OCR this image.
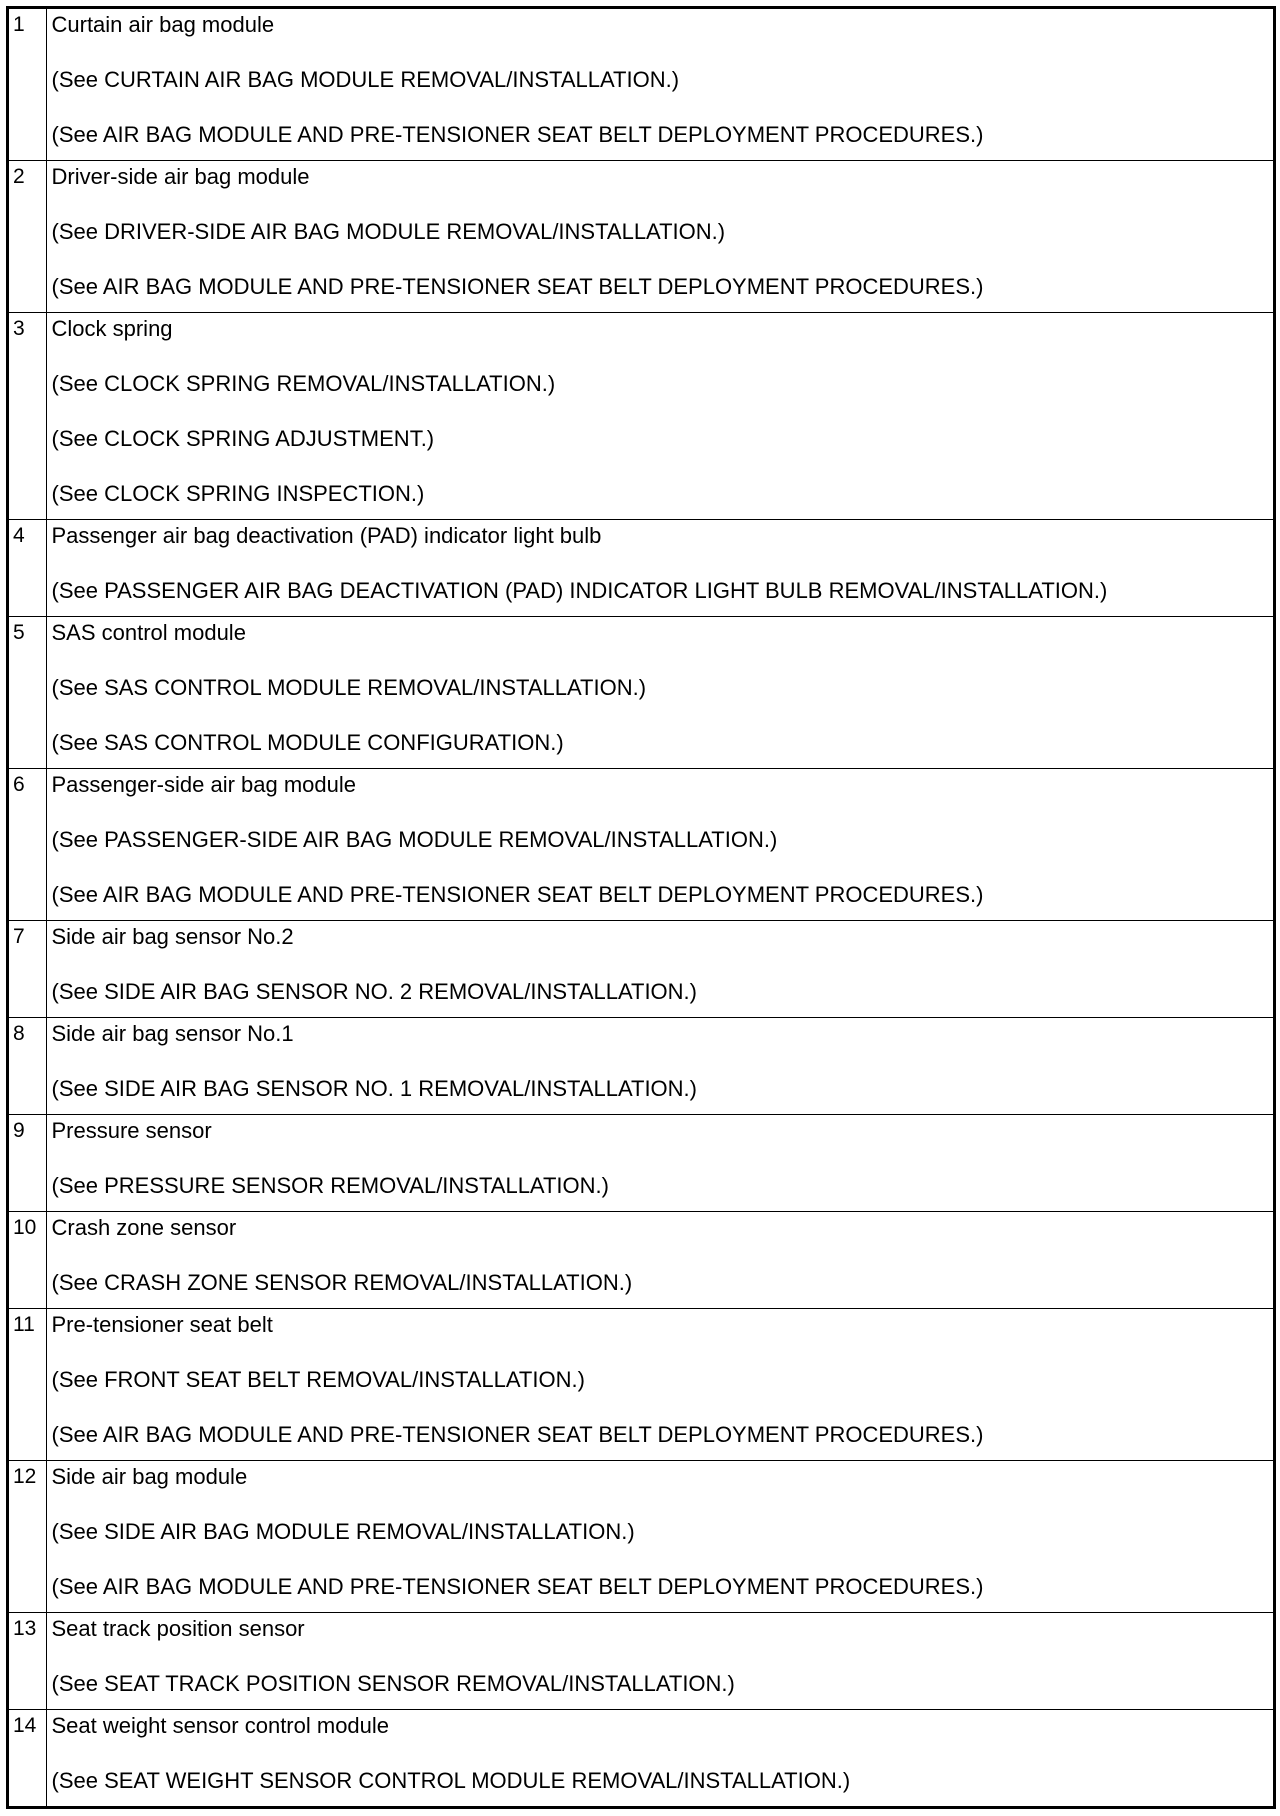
1	Curtain air bag module
(See CURTAIN AIR BAG MODULE REMOVAL/INSTALLATION.)
(See AIR BAG MODULE AND PRE-TENSIONER SEAT BELT DEPLOYMENT PROCEDURES.)

2	Driver-side air bag module
(See DRIVER-SIDE AIR BAG MODULE REMOVAL/INSTALLATION.)
(See AIR BAG MODULE AND PRE-TENSIONER SEAT BELT DEPLOYMENT PROCEDURES.)

3	Clock spring
(See CLOCK SPRING REMOVAL/INSTALLATION.)
(See CLOCK SPRING ADJUSTMENT.)
(See CLOCK SPRING INSPECTION.)

4	Passenger air bag deactivation (PAD) indicator light bulb
(See PASSENGER AIR BAG DEACTIVATION (PAD) INDICATOR LIGHT BULB REMOVAL/INSTALLATION.)

5	SAS control module
(See SAS CONTROL MODULE REMOVAL/INSTALLATION.)
(See SAS CONTROL MODULE CONFIGURATION.)

6	Passenger-side air bag module
(See PASSENGER-SIDE AIR BAG MODULE REMOVAL/INSTALLATION.)
(See AIR BAG MODULE AND PRE-TENSIONER SEAT BELT DEPLOYMENT PROCEDURES.)

7	Side air bag sensor No.2
(See SIDE AIR BAG SENSOR NO. 2 REMOVAL/INSTALLATION.)

8	Side air bag sensor No.1
(See SIDE AIR BAG SENSOR NO. 1 REMOVAL/INSTALLATION.)

9	Pressure sensor
(See PRESSURE SENSOR REMOVAL/INSTALLATION.)

10	Crash zone sensor
(See CRASH ZONE SENSOR REMOVAL/INSTALLATION.)

11	Pre-tensioner seat belt
(See FRONT SEAT BELT REMOVAL/INSTALLATION.)
(See AIR BAG MODULE AND PRE-TENSIONER SEAT BELT DEPLOYMENT PROCEDURES.)

12	Side air bag module
(See SIDE AIR BAG MODULE REMOVAL/INSTALLATION.)
(See AIR BAG MODULE AND PRE-TENSIONER SEAT BELT DEPLOYMENT PROCEDURES.)

13	Seat track position sensor
(See SEAT TRACK POSITION SENSOR REMOVAL/INSTALLATION.)

14	Seat weight sensor control module
(See SEAT WEIGHT SENSOR CONTROL MODULE REMOVAL/INSTALLATION.)
